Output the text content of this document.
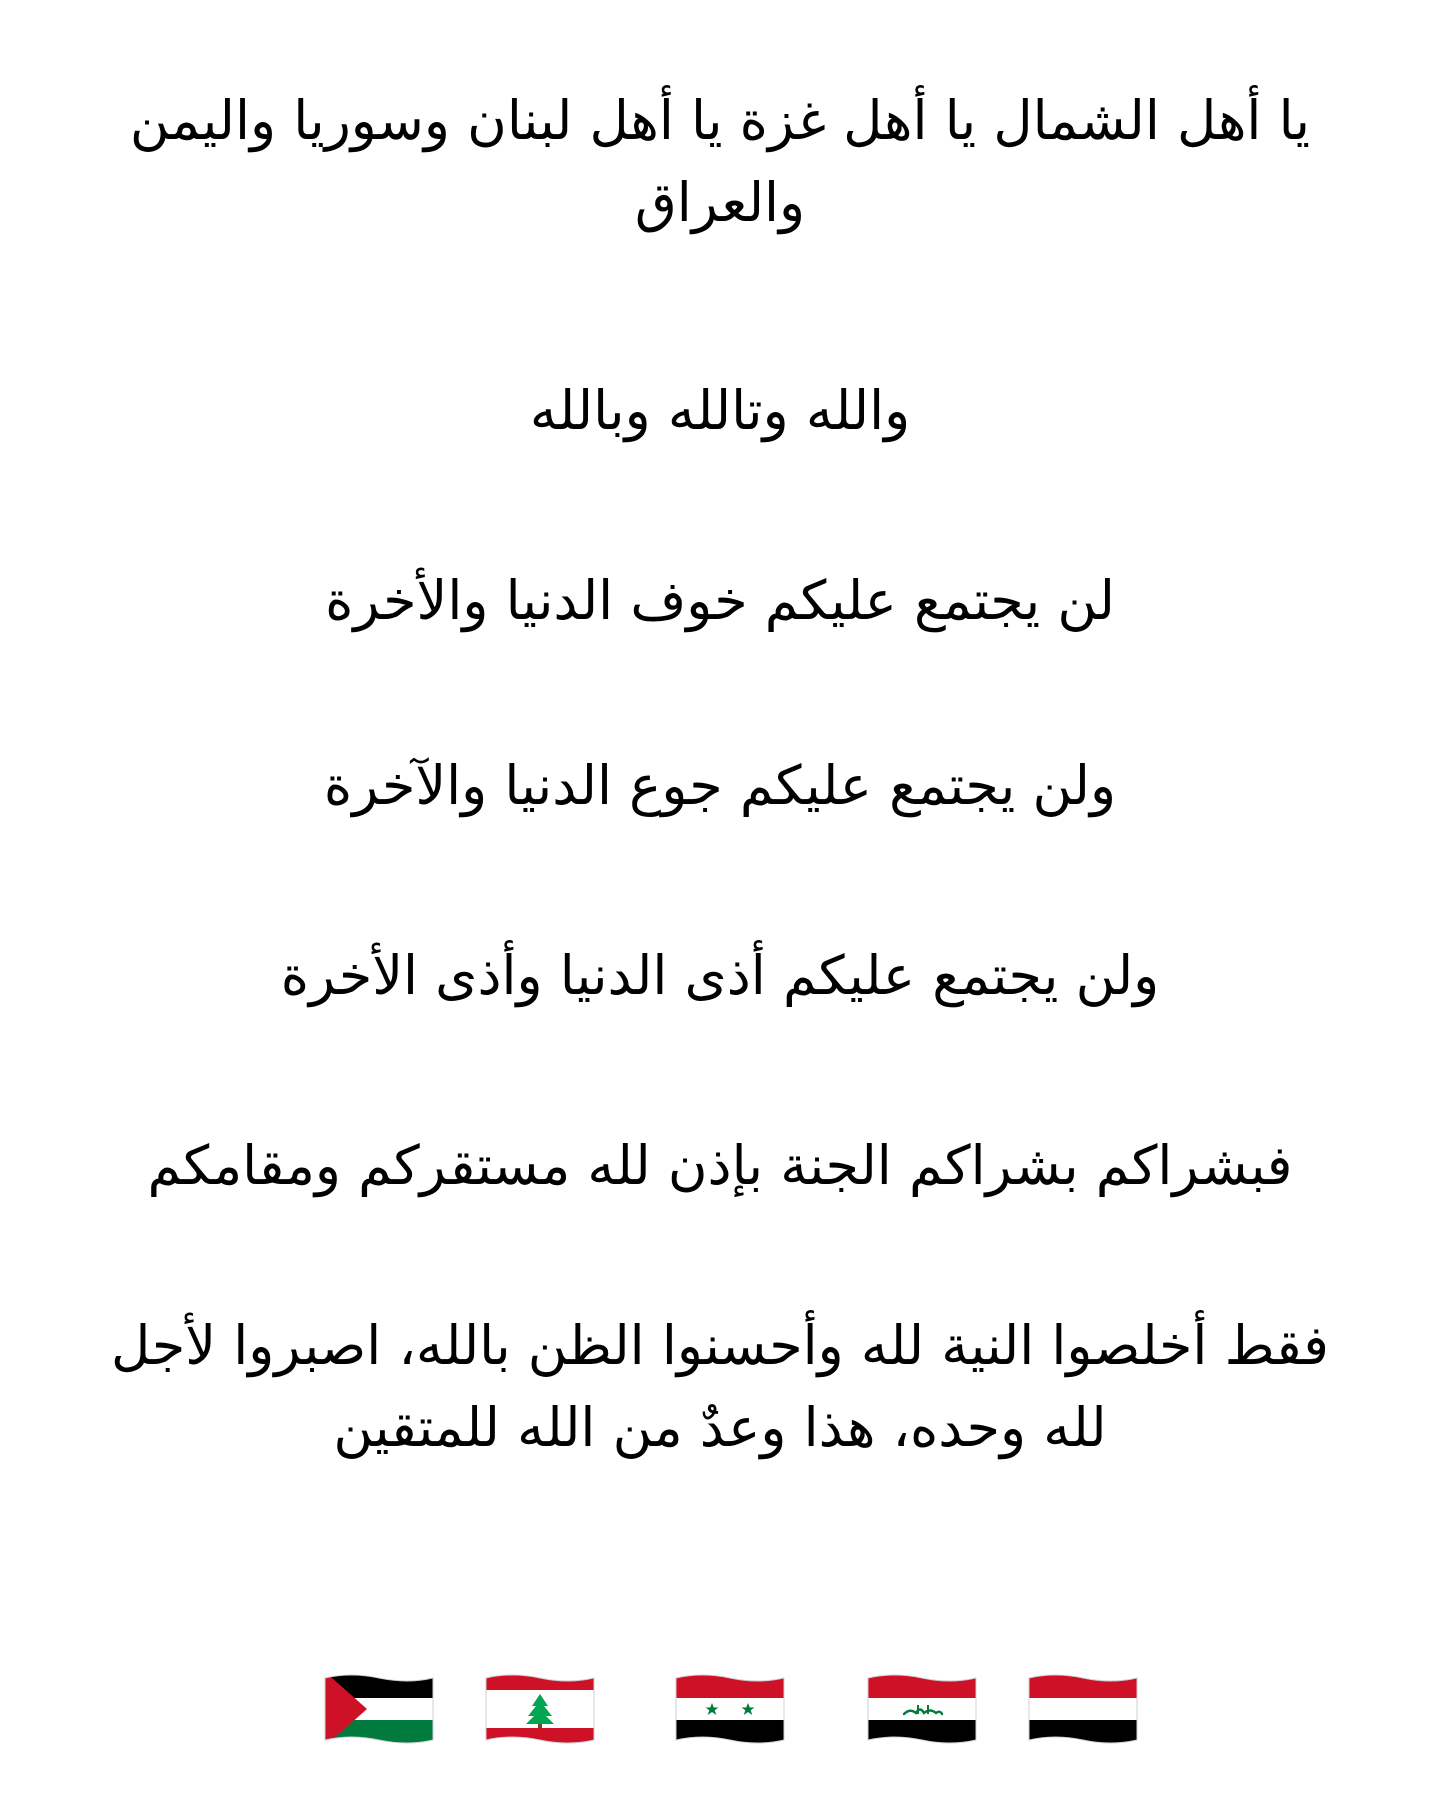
يا أهل الشمال يا أهل غزة يا أهل لبنان وسوريا واليمن والعراق

والله وتالله وبالله

لن يجتمع عليكم خوف الدنيا والأخرة

ولن يجتمع عليكم جوع الدنيا والآخرة

ولن يجتمع عليكم أذى الدنيا وأذى الأخرة

فبشراكم بشراكم الجنة بإذن لله مستقركم ومقامكم

فقط أخلصوا النية لله وأحسنوا الظن بالله، اصبروا لأجل لله وحده، هذا وعدٌ من الله للمتقين
